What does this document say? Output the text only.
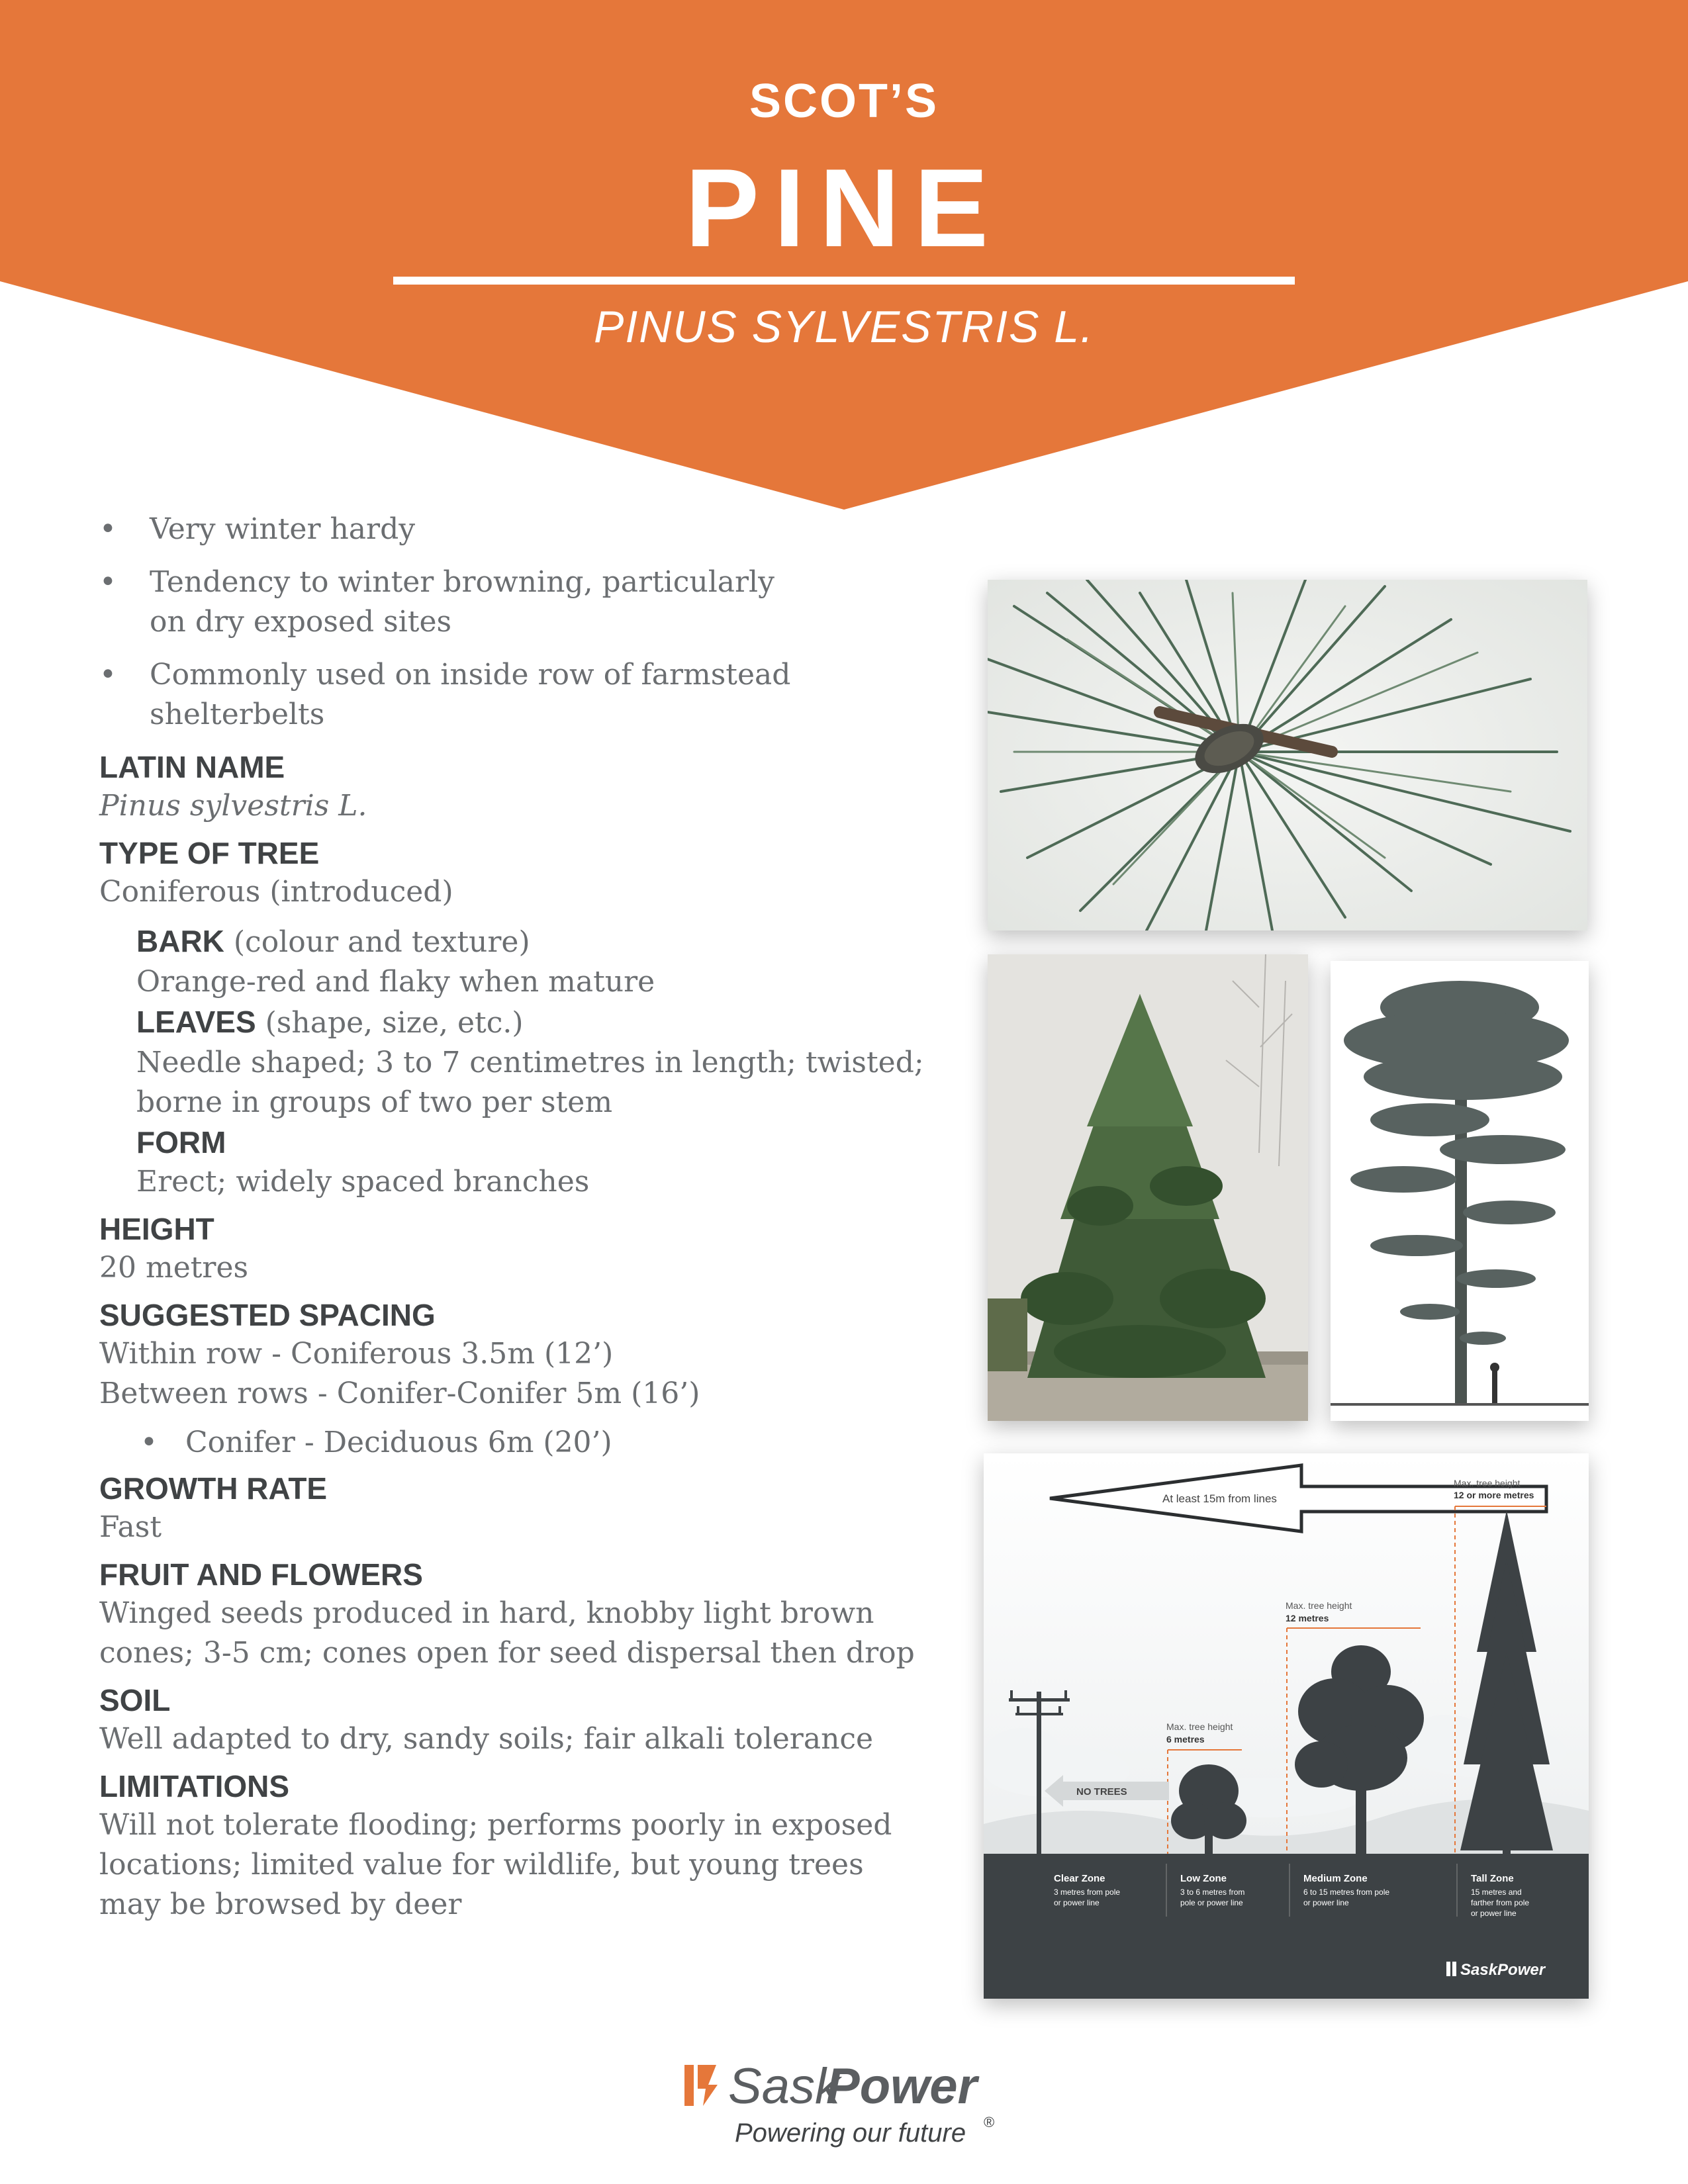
SCOT’S
PINE
PINUS SYLVESTRIS L.
• Very winter hardy
• Tendency to winter browning, particularly on dry exposed sites
• Commonly used on inside row of farmstead shelterbelts
LATIN NAME
Pinus sylvestris L.
TYPE OF TREE
Coniferous (introduced)
BARK (colour and texture)
Orange-red and flaky when mature
LEAVES (shape, size, etc.)
Needle shaped; 3 to 7 centimetres in length; twisted;
borne in groups of two per stem
FORM
Erect; widely spaced branches
HEIGHT
20 metres
SUGGESTED SPACING
Within row - Coniferous 3.5m (12’)
Between rows - Conifer-Conifer 5m (16’)
• Conifer - Deciduous 6m (20’)
GROWTH RATE
Fast
FRUIT AND FLOWERS
Winged seeds produced in hard, knobby light brown
cones; 3-5 cm; cones open for seed dispersal then drop
SOIL
Well adapted to dry, sandy soils; fair alkali tolerance
LIMITATIONS
Will not tolerate flooding; performs poorly in exposed
locations; limited value for wildlife, but young trees
may be browsed by deer
At least 15m from lines
Max. tree height
12 or more metres
Max. tree height
12 metres
Max. tree height
6 metres
NO TREES
Clear Zone
3 metres from pole
or power line
Low Zone
3 to 6 metres from
pole or power line
Medium Zone
6 to 15 metres from pole
or power line
Tall Zone
15 metres and
farther from pole
or power line
SaskPower
Sask
Power
Powering our future ®
